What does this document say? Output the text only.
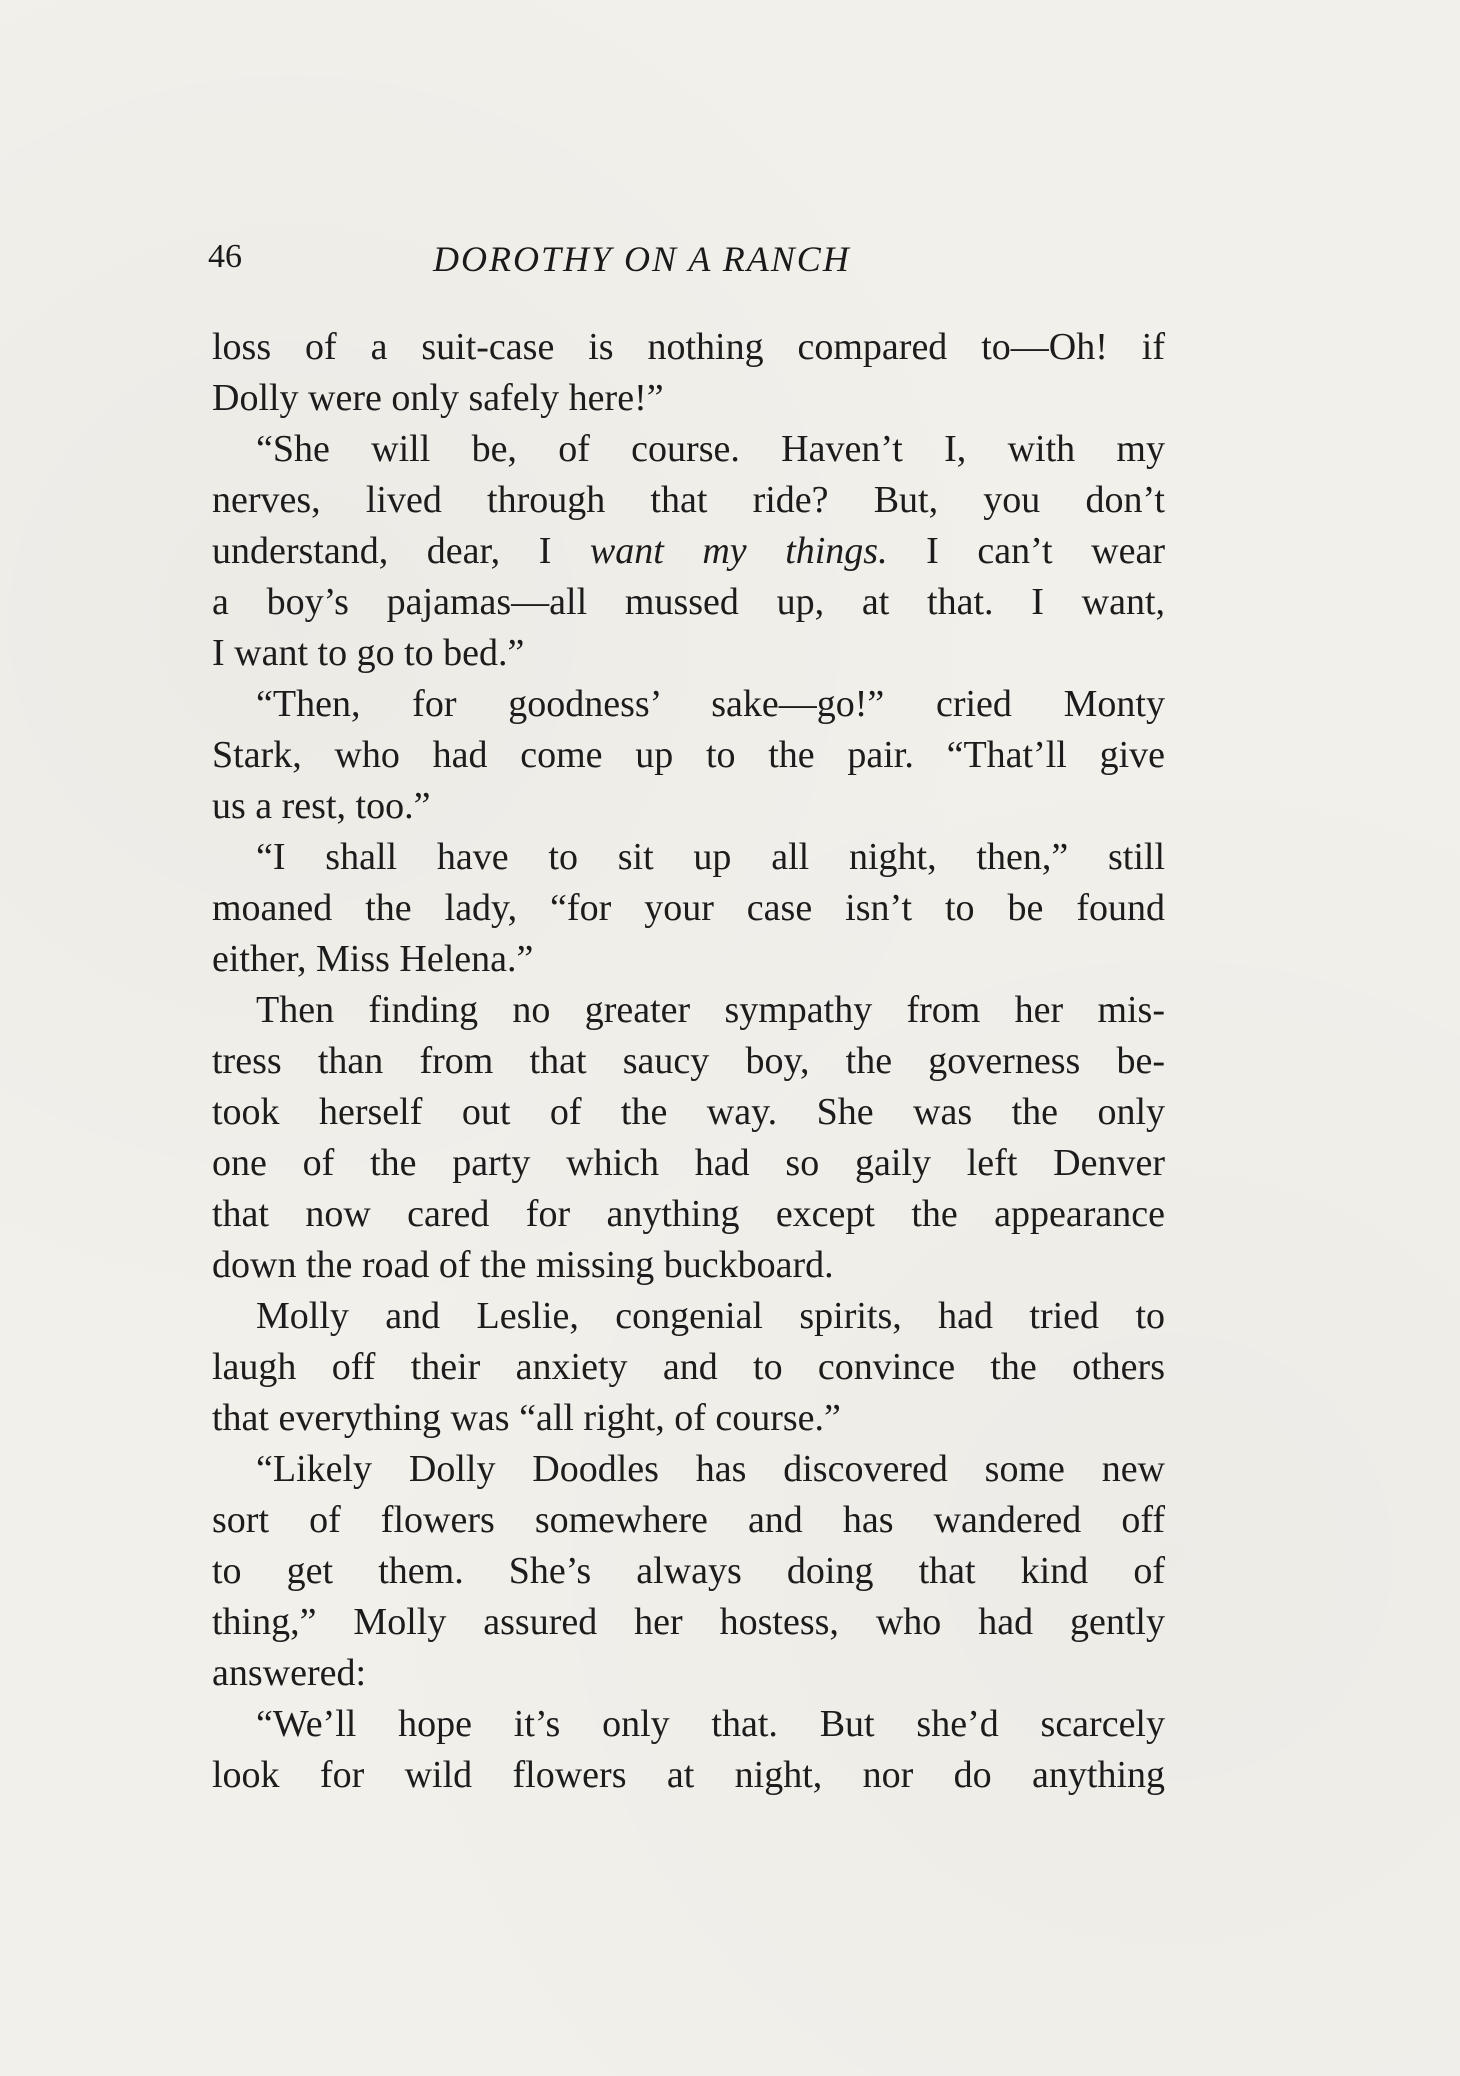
46	DOROTHY ON A RANCH
loss of a suit-case is nothing compared to—Oh! if
Dolly were only safely here!”
“She will be, of course. Haven’t I, with my
nerves, lived through that ride? But, you don’t
understand, dear, I want my things. I can’t wear
a boy’s pajamas—all mussed up, at that. I want,
I want to go to bed.”
“Then, for goodness’ sake—go!” cried Monty
Stark, who had come up to the pair. “That’ll give
us a rest, too.”
“I shall have to sit up all night, then,” still
moaned the lady, “for your case isn’t to be found
either, Miss Helena.”
Then finding no greater sympathy from her mis-
tress than from that saucy boy, the governess be-
took herself out of the way. She was the only
one of the party which had so gaily left Denver
that now cared for anything except the appearance
down the road of the missing buckboard.
Molly and Leslie, congenial spirits, had tried to
laugh off their anxiety and to convince the others
that everything was “all right, of course.”
“Likely Dolly Doodles has discovered some new
sort of flowers somewhere and has wandered off
to get them. She’s always doing that kind of
thing,” Molly assured her hostess, who had gently
answered:
“We’ll hope it’s only that. But she’d scarcely
look for wild flowers at night, nor do anything
